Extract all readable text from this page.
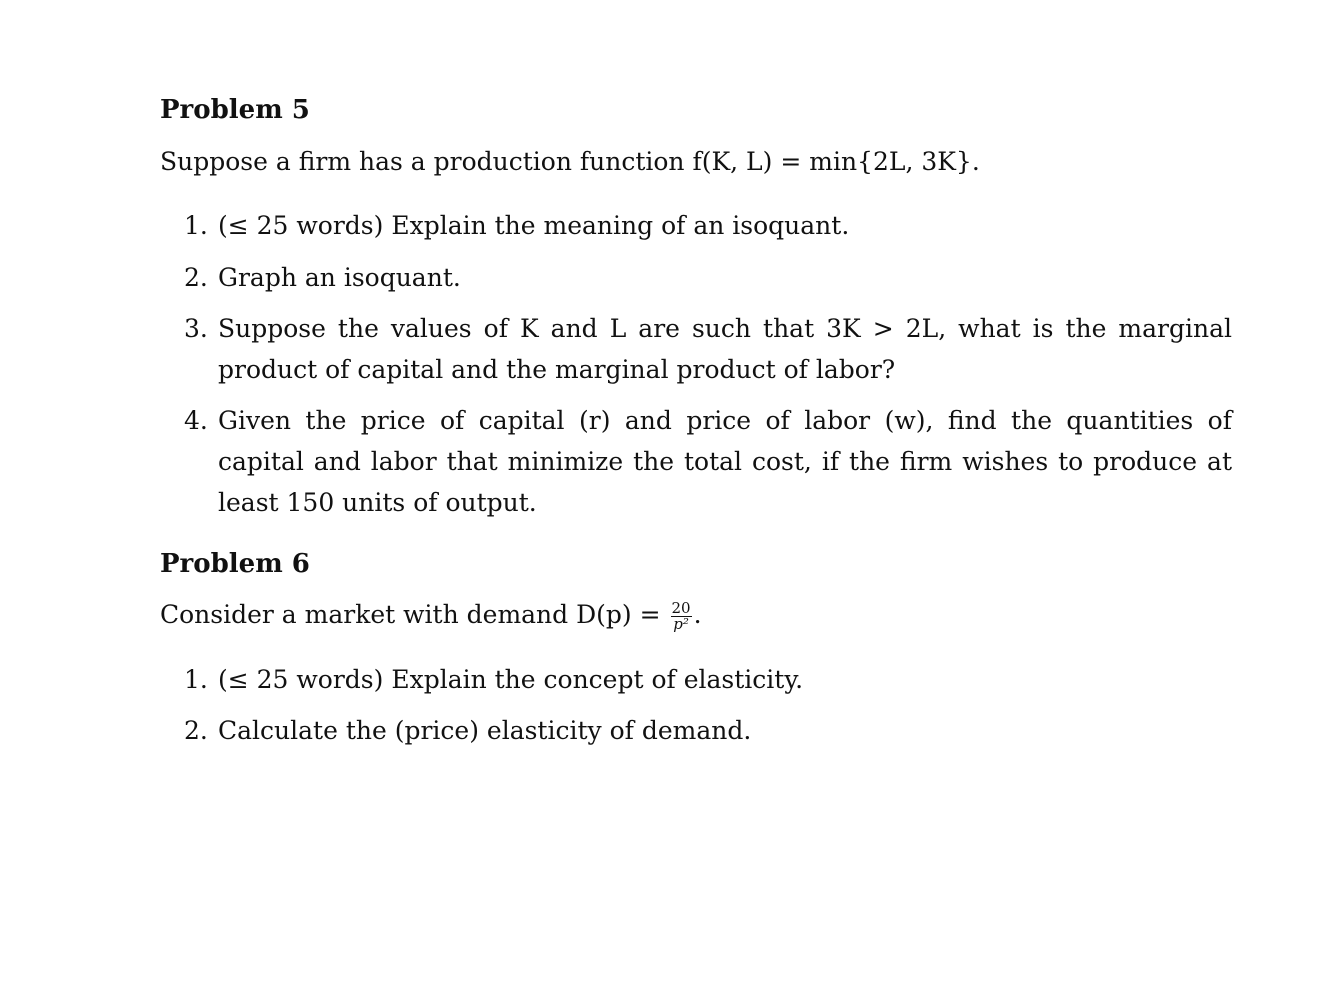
Problem 5
Suppose a firm has a production function f(K, L) = min{2L, 3K}.
1. (≤ 25 words) Explain the meaning of an isoquant.
2. Graph an isoquant.
3. Suppose the values of K and L are such that 3K > 2L, what is the marginal product of capital and the marginal product of labor?
4. Given the price of capital (r) and price of labor (w), find the quantities of capital and labor that minimize the total cost, if the firm wishes to produce at least 150 units of output.
Problem 6
Consider a market with demand $D(p) = \frac{20}{\text{p²}}$ .
1. (≤ 25 words) Explain the concept of elasticity.
2. Calculate the (price) elasticity of demand.
